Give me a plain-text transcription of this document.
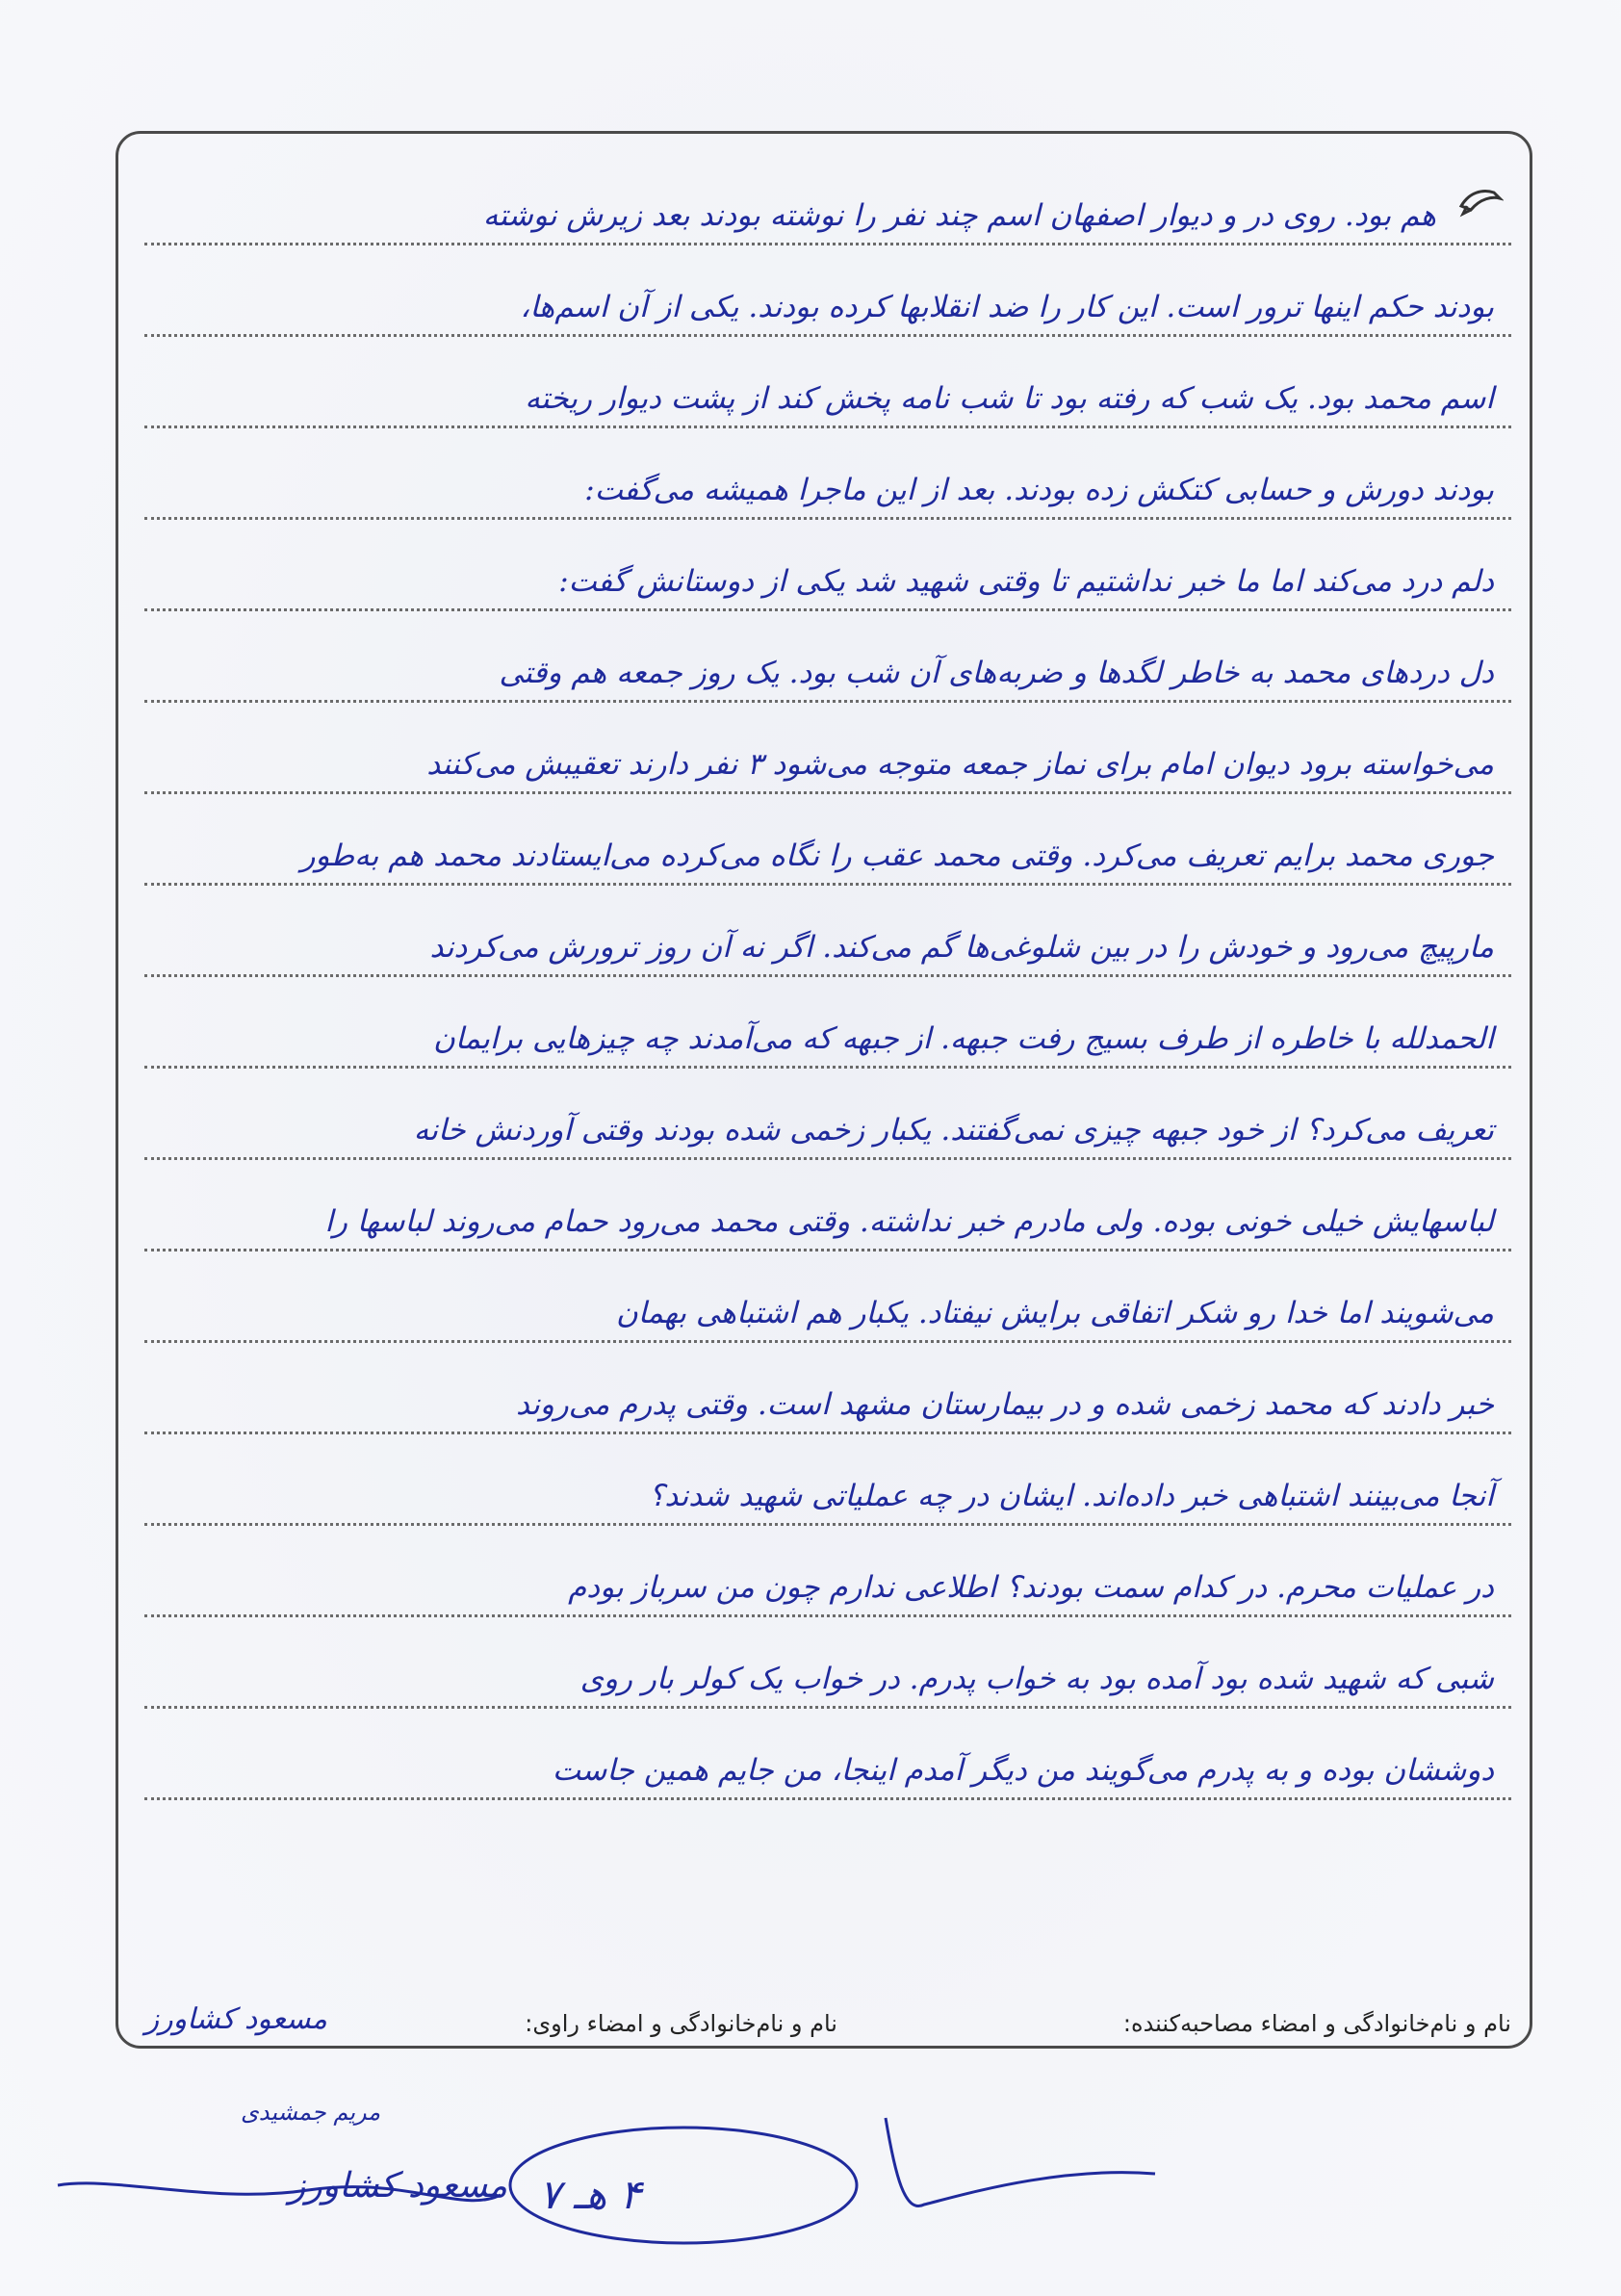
هم بود. روی در و دیوار اصفهان اسم چند نفر را نوشته بودند بعد زیرش نوشته
بودند حکم اینها ترور است. این کار را ضد انقلابها کرده بودند. یکی از آن اسم‌ها،
اسم محمد بود. یک شب که رفته بود تا شب نامه پخش کند از پشت دیوار ریخته
بودند دورش و حسابی کتکش زده بودند. بعد از این ماجرا همیشه می‌گفت:
دلم درد می‌کند اما ما خبر نداشتیم تا وقتی شهید شد یکی از دوستانش گفت:
دل دردهای محمد به خاطر لگدها و ضربه‌های آن شب بود. یک روز جمعه هم وقتی
می‌خواسته برود دیوان امام برای نماز جمعه متوجه می‌شود ۳ نفر دارند تعقیبش می‌کنند
جوری محمد برایم تعریف می‌کرد. وقتی محمد عقب را نگاه می‌کرده می‌ایستادند محمد هم به‌طور
مارپیچ می‌رود و خودش را در بین شلوغی‌ها گم می‌کند. اگر نه آن روز ترورش می‌کردند
الحمدلله با خاطره از طرف بسیج رفت جبهه. از جبهه که می‌آمدند چه چیزهایی برایمان
تعریف می‌کرد؟ از خود جبهه چیزی نمی‌گفتند. یکبار زخمی شده بودند وقتی آوردنش خانه
لباسهایش خیلی خونی بوده. ولی مادرم خبر نداشته. وقتی محمد می‌رود حمام می‌روند لباسها را
می‌شویند اما خدا رو شکر اتفاقی برایش نیفتاد. یکبار هم اشتباهی بهمان
خبر دادند که محمد زخمی شده و در بیمارستان مشهد است. وقتی پدرم می‌روند
آنجا می‌بینند اشتباهی خبر داده‌اند. ایشان در چه عملیاتی شهید شدند؟
در عملیات محرم. در کدام سمت بودند؟ اطلاعی ندارم چون من سرباز بودم
شبی که شهید شده بود آمده بود به خواب پدرم. در خواب یک کولر بار روی
دوششان بوده و به پدرم می‌گویند من دیگر آمدم اینجا، من جایم همین جاست
نام و نام‌خانوادگی و امضاء مصاحبه‌کننده:
نام و نام‌خانوادگی و امضاء راوی:
مسعود کشاورز
مریم جمشیدی
مسعود کشاورز ۴ هـ ۷
